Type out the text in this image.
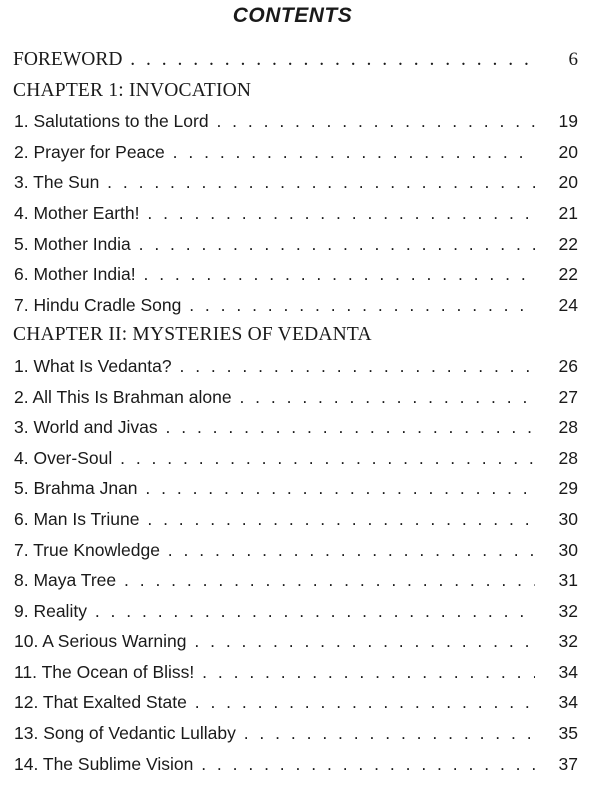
CONTENTS
FOREWORD . . .	6
CHAPTER 1: INVOCATION
1. Salutations to the Lord . . .	19
2. Prayer for Peace . . .	20
3. The Sun . . .	20
4. Mother Earth! . . .	21
5. Mother India . . .	22
6. Mother India! . . .	22
7. Hindu Cradle Song . . .	24
CHAPTER II: MYSTERIES OF VEDANTA
1. What Is Vedanta? . . .	26
2. All This Is Brahman alone . . .	27
3. World and Jivas . . .	28
4. Over-Soul . . .	28
5. Brahma Jnan . . .	29
6. Man Is Triune . . .	30
7. True Knowledge . . .	30
8. Maya Tree . . .	31
9. Reality . . .	32
10. A Serious Warning . . .	32
11. The Ocean of Bliss! . . .	34
12. That Exalted State . . .	34
13. Song of Vedantic Lullaby . . .	35
14. The Sublime Vision . . .	37
